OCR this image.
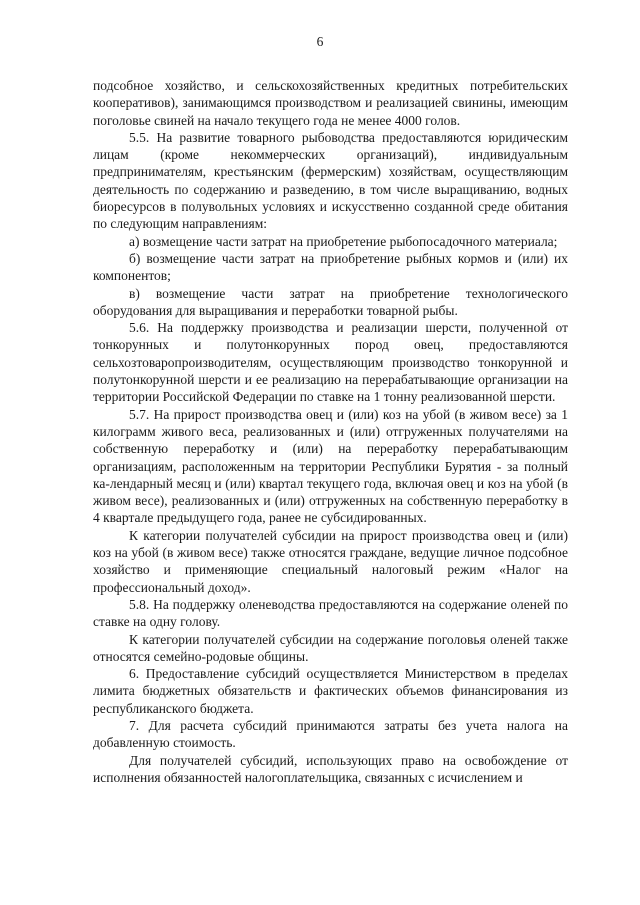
6

подсобное хозяйство, и сельскохозяйственных кредитных потребительских кооперативов), занимающимся производством и реализацией свинины, имеющим поголовье свиней на начало текущего года не менее 4000 голов.

5.5. На развитие товарного рыбоводства предоставляются юридическим лицам (кроме некоммерческих организаций), индивидуальным предпринимателям, крестьянским (фермерским) хозяйствам, осуществляющим деятельность по содержанию и разведению, в том числе выращиванию, водных биоресурсов в полувольных условиях и искусственно созданной среде обитания по следующим направлениям:

а) возмещение части затрат на приобретение рыбопосадочного материала;

б) возмещение части затрат на приобретение рыбных кормов и (или) их компонентов;

в) возмещение части затрат на приобретение технологического оборудования для выращивания и переработки товарной рыбы.

5.6. На поддержку производства и реализации шерсти, полученной от тонкорунных и полутонкорунных пород овец, предоставляются сельхозтоваропроизводителям, осуществляющим производство тонкорунной и полутонкорунной шерсти и ее реализацию на перерабатывающие организации на территории Российской Федерации по ставке на 1 тонну реализованной шерсти.

5.7. На прирост производства овец и (или) коз на убой (в живом весе) за 1 килограмм живого веса, реализованных и (или) отгруженных получателями на собственную переработку и (или) на переработку перерабатывающим организациям, расположенным на территории Республики Бурятия - за полный ка-лендарный месяц и (или) квартал текущего года, включая овец и коз на убой (в живом весе), реализованных и (или) отгруженных на собственную переработку в 4 квартале предыдущего года, ранее не субсидированных.

К категории получателей субсидии на прирост производства овец и (или) коз на убой (в живом весе) также относятся граждане, ведущие личное подсобное хозяйство и применяющие специальный налоговый режим «Налог на профессиональный доход».

5.8. На поддержку оленеводства предоставляются на содержание оленей по ставке на одну голову.

К категории получателей субсидии на содержание поголовья оленей также относятся семейно-родовые общины.

6. Предоставление субсидий осуществляется Министерством в пределах лимита бюджетных обязательств и фактических объемов финансирования из республиканского бюджета.

7. Для расчета субсидий принимаются затраты без учета налога на добавленную стоимость.

Для получателей субсидий, использующих право на освобождение от исполнения обязанностей налогоплательщика, связанных с исчислением и
